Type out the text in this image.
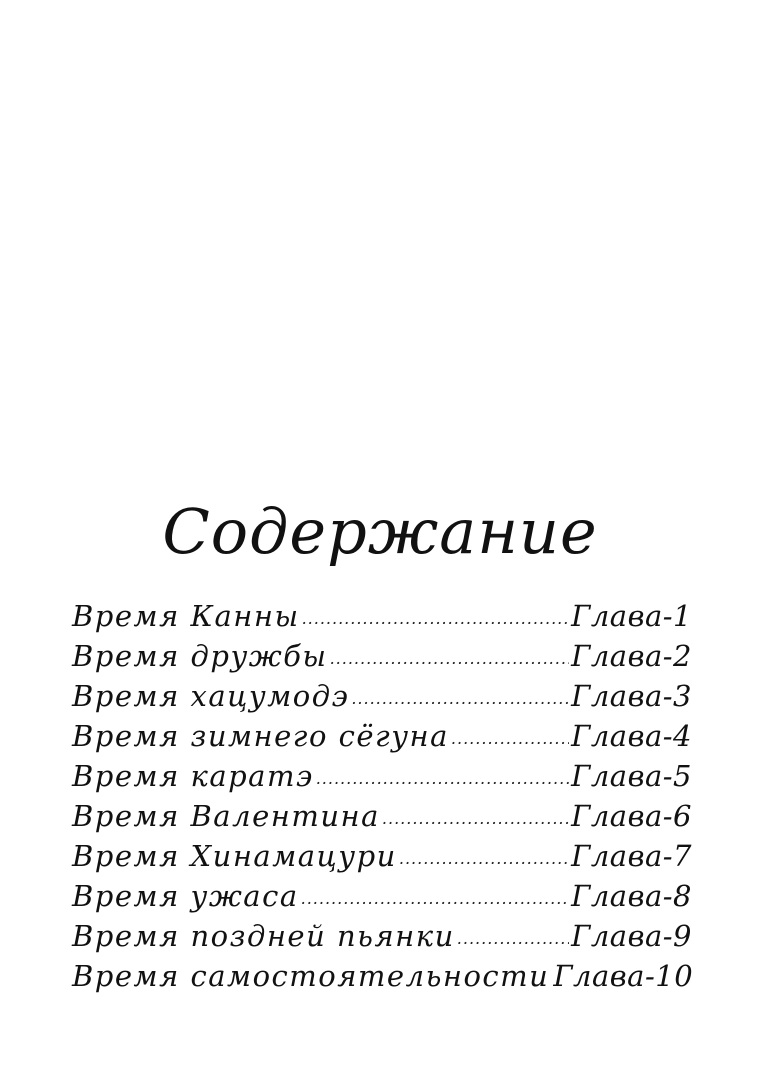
Содержание
Время Канны .....	Глава-1
Время дружбы .....	Глава-2
Время хацумодэ .....	Глава-3
Время зимнего сёгуна .....	Глава-4
Время каратэ .....	Глава-5
Время Валентина .....	Глава-6
Время Хинамацури .....	Глава-7
Время ужаса .....	Глава-8
Время поздней пьянки .....	Глава-9
Время самостоятельности Глава-10
